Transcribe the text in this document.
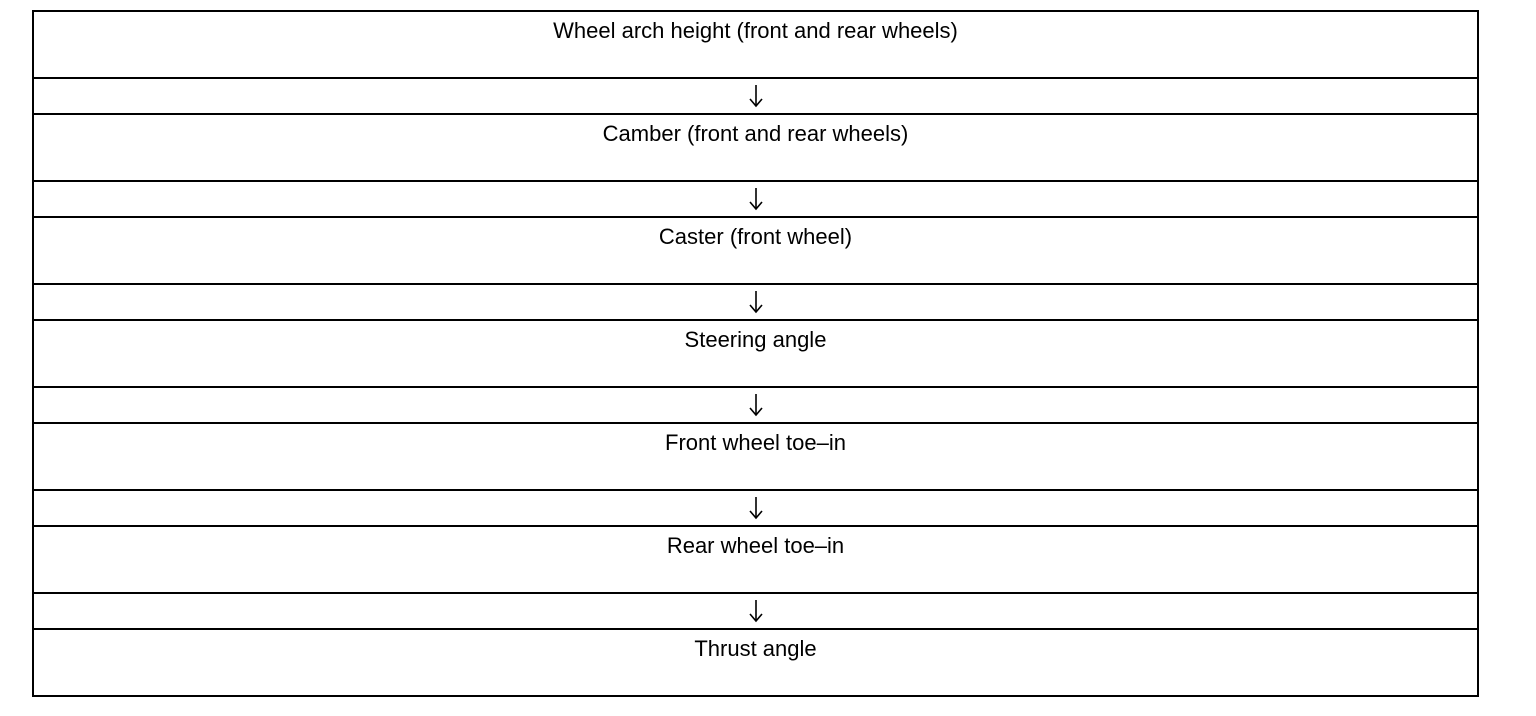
Wheel arch height (front and rear wheels)

Camber (front and rear wheels)

Caster (front wheel)

Steering angle

Front wheel toe–in

Rear wheel toe–in

Thrust angle
